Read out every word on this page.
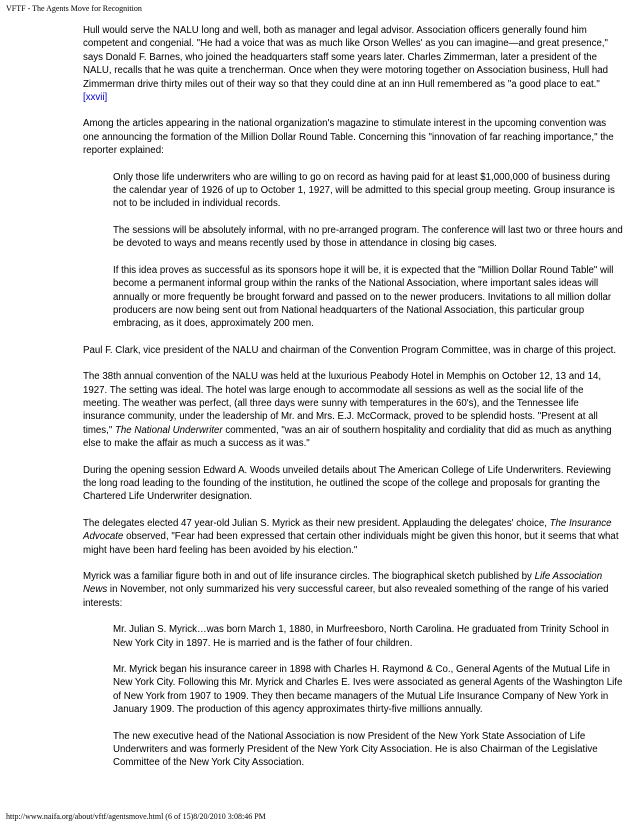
VFTF - The Agents Move for Recognition

Hull would serve the NALU long and well, both as manager and legal advisor. Association officers generally found him competent and congenial. "He had a voice that was as much like Orson Welles' as you can imagine—and great presence," says Donald F. Barnes, who joined the headquarters staff some years later. Charles Zimmerman, later a president of the NALU, recalls that he was quite a trencherman. Once when they were motoring together on Association business, Hull had Zimmerman drive thirty miles out of their way so that they could dine at an inn Hull remembered as "a good place to eat."[xxvii]

Among the articles appearing in the national organization's magazine to stimulate interest in the upcoming convention was one announcing the formation of the Million Dollar Round Table. Concerning this "innovation of far reaching importance," the reporter explained:

Only those life underwriters who are willing to go on record as having paid for at least $1,000,000 of business during the calendar year of 1926 of up to October 1, 1927, will be admitted to this special group meeting. Group insurance is not to be included in individual records.
The sessions will be absolutely informal, with no pre-arranged program. The conference will last two or three hours and be devoted to ways and means recently used by those in attendance in closing big cases.
If this idea proves as successful as its sponsors hope it will be, it is expected that the "Million Dollar Round Table" will become a permanent informal group within the ranks of the National Association, where important sales ideas will annually or more frequently be brought forward and passed on to the newer producers. Invitations to all million dollar producers are now being sent out from National headquarters of the National Association, this particular group embracing, as it does, approximately 200 men.

Paul F. Clark, vice president of the NALU and chairman of the Convention Program Committee, was in charge of this project.

The 38th annual convention of the NALU was held at the luxurious Peabody Hotel in Memphis on October 12, 13 and 14, 1927. The setting was ideal. The hotel was large enough to accommodate all sessions as well as the social life of the meeting. The weather was perfect, (all three days were sunny with temperatures in the 60's), and the Tennessee life insurance community, under the leadership of Mr. and Mrs. E.J. McCormack, proved to be splendid hosts. "Present at all times," The National Underwriter commented, "was an air of southern hospitality and cordiality that did as much as anything else to make the affair as much a success as it was."

During the opening session Edward A. Woods unveiled details about The American College of Life Underwriters. Reviewing the long road leading to the founding of the institution, he outlined the scope of the college and proposals for granting the Chartered Life Underwriter designation.

The delegates elected 47 year-old Julian S. Myrick as their new president. Applauding the delegates' choice, The Insurance Advocate observed, "Fear had been expressed that certain other individuals might be given this honor, but it seems that what might have been hard feeling has been avoided by his election."

Myrick was a familiar figure both in and out of life insurance circles. The biographical sketch published by Life Association News in November, not only summarized his very successful career, but also revealed something of the range of his varied interests:

Mr. Julian S. Myrick…was born March 1, 1880, in Murfreesboro, North Carolina. He graduated from Trinity School in New York City in 1897. He is married and is the father of four children.
Mr. Myrick began his insurance career in 1898 with Charles H. Raymond & Co., General Agents of the Mutual Life in New York City. Following this Mr. Myrick and Charles E. Ives were associated as general Agents of the Washington Life of New York from 1907 to 1909. They then became managers of the Mutual Life Insurance Company of New York in January 1909. The production of this agency approximates thirty-five millions annually.
The new executive head of the National Association is now President of the New York State Association of Life Underwriters and was formerly President of the New York City Association. He is also Chairman of the Legislative Committee of the New York City Association.
http://www.naifa.org/about/vftf/agentsmove.html (6 of 15)8/20/2010 3:08:46 PM
